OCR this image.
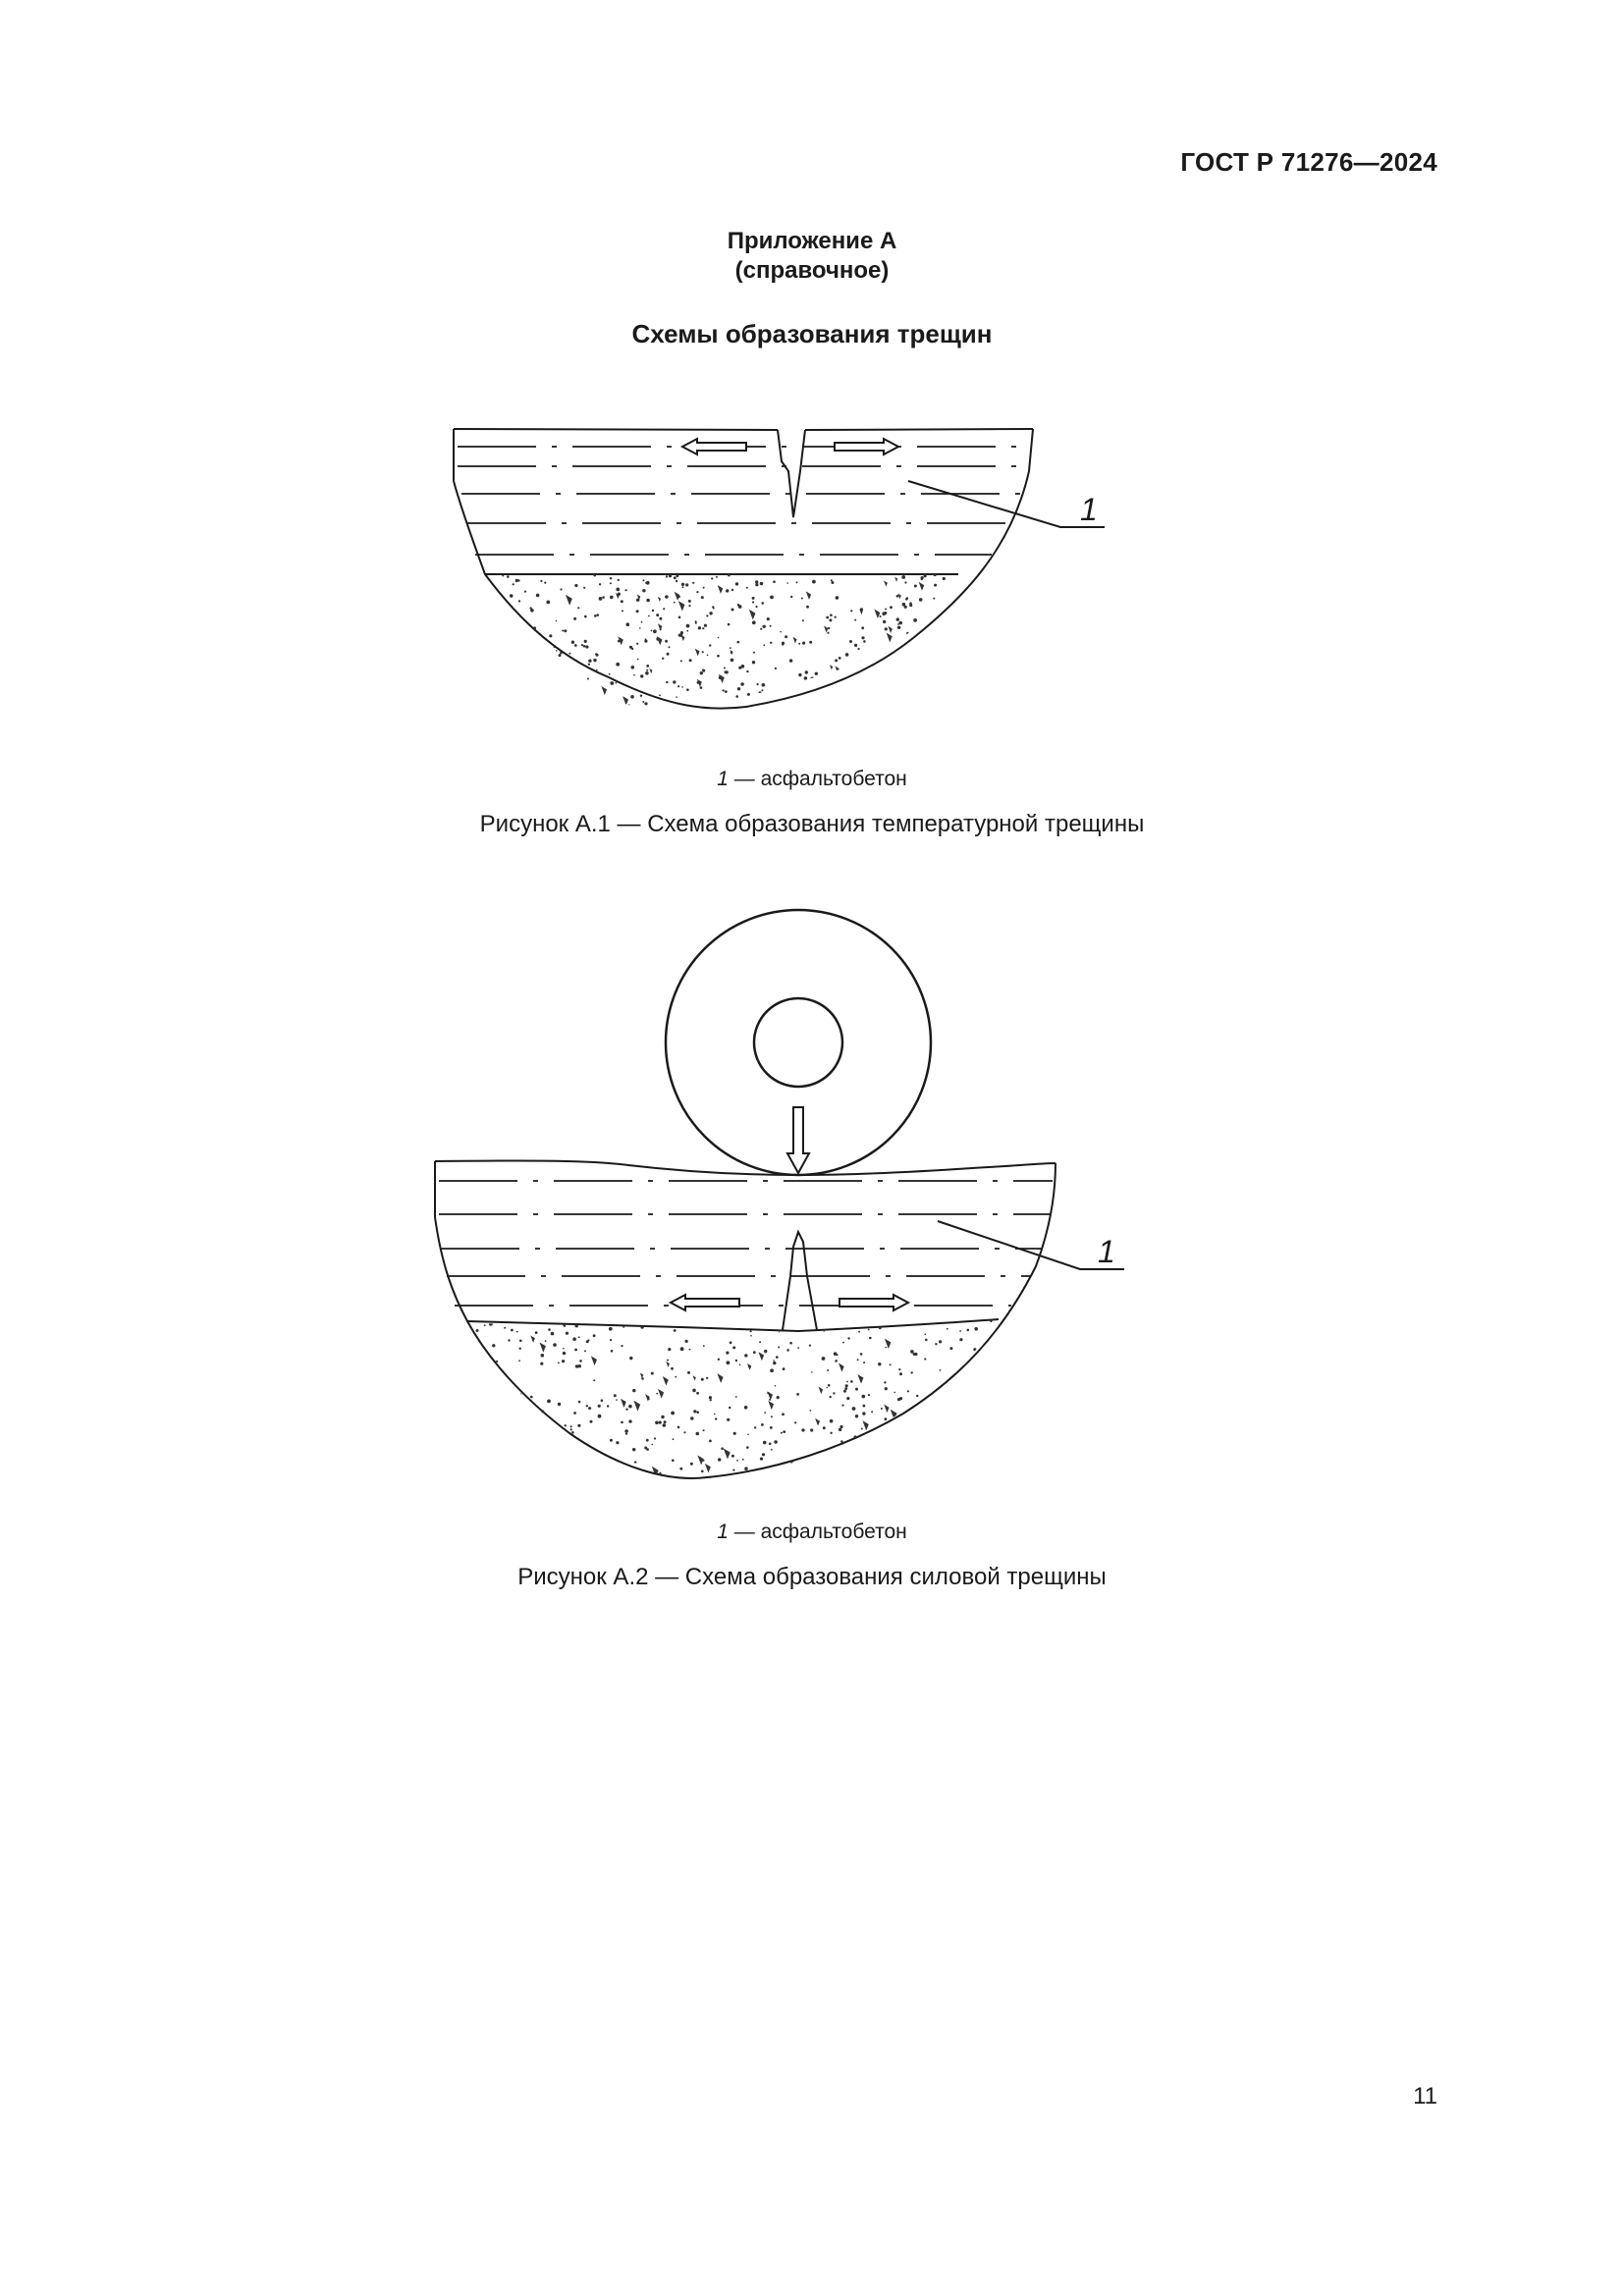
ГОСТ Р 71276—2024
Приложение А
(справочное)
Схемы образования трещин
1
1 — асфальтобетон
Рисунок А.1 — Схема образования температурной трещины
1
1 — асфальтобетон
Рисунок А.2 — Схема образования силовой трещины
11
